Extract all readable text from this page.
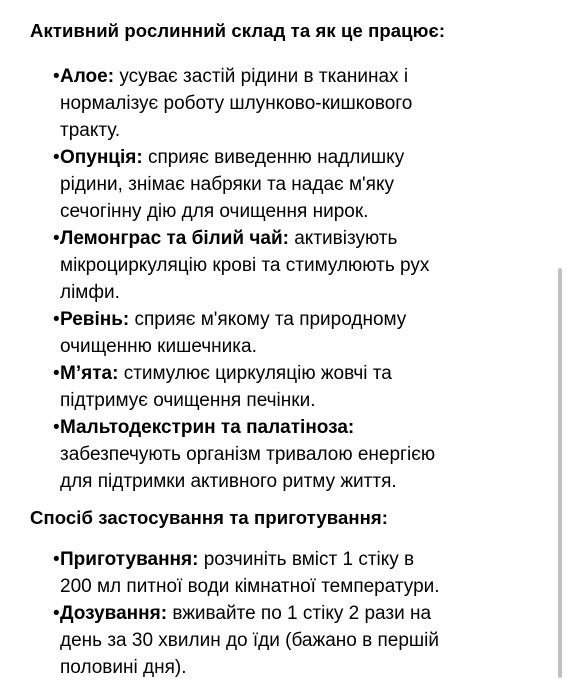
Активний рослинний склад та як це працює:
• Алое: усуває застій рідини в тканинах і
нормалізує роботу шлунково-кишкового
тракту.
• Опунція: сприяє виведенню надлишку
рідини, знімає набряки та надає м'яку
сечогінну дію для очищення нирок.
• Лемонграс та білий чай: активізують
мікроциркуляцію крові та стимулюють рух
лімфи.
• Ревінь: сприяє м'якому та природному
очищенню кишечника.
• М’ята: стимулює циркуляцію жовчі та
підтримує очищення печінки.
• Мальтодекстрин та палатіноза:
забезпечують організм тривалою енергією
для підтримки активного ритму життя.
Спосіб застосування та приготування:
• Приготування: розчиніть вміст 1 стіку в
200 мл питної води кімнатної температури.
• Дозування: вживайте по 1 стіку 2 рази на
день за 30 хвилин до їди (бажано в першій
половині дня).
